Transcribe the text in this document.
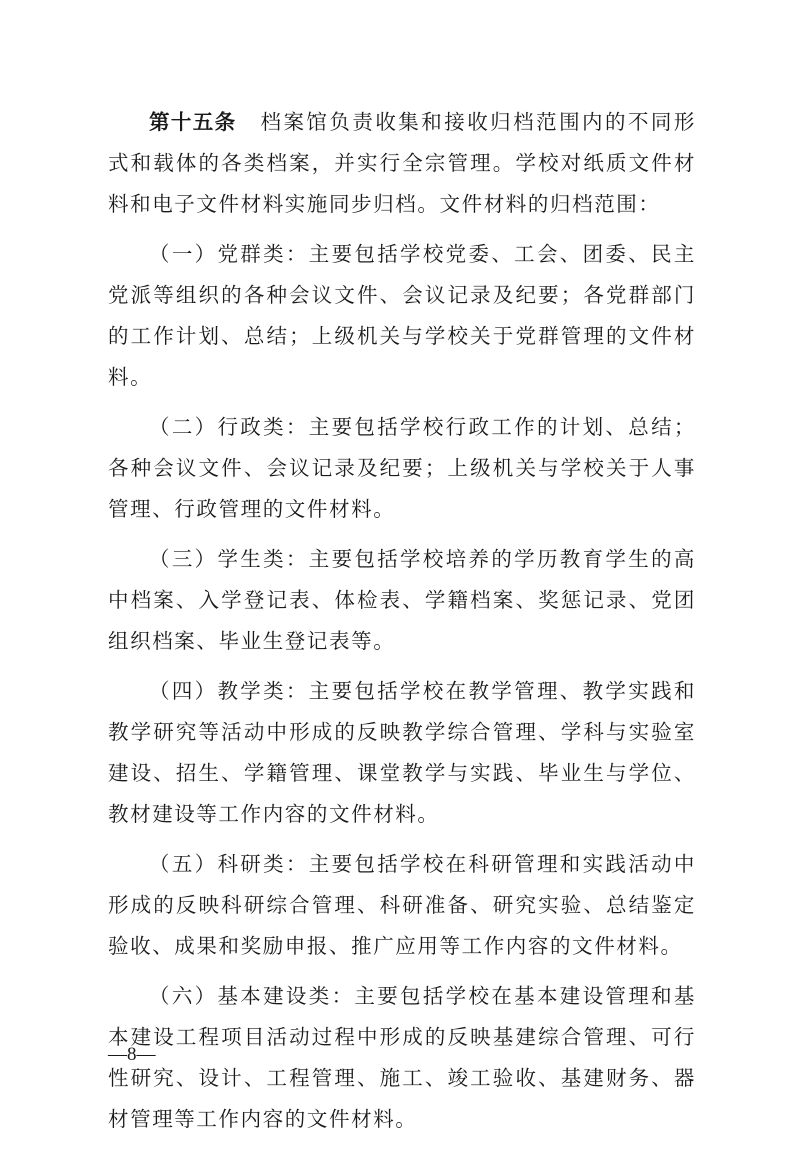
第十五条 档案馆负责收集和接收归档范围内的不同形式和载体的各类档案，并实行全宗管理。学校对纸质文件材料和电子文件材料实施同步归档。文件材料的归档范围：

（一）党群类：主要包括学校党委、工会、团委、民主党派等组织的各种会议文件、会议记录及纪要；各党群部门的工作计划、总结；上级机关与学校关于党群管理的文件材料。

（二）行政类：主要包括学校行政工作的计划、总结；各种会议文件、会议记录及纪要；上级机关与学校关于人事管理、行政管理的文件材料。

（三）学生类：主要包括学校培养的学历教育学生的高中档案、入学登记表、体检表、学籍档案、奖惩记录、党团组织档案、毕业生登记表等。

（四）教学类：主要包括学校在教学管理、教学实践和教学研究等活动中形成的反映教学综合管理、学科与实验室建设、招生、学籍管理、课堂教学与实践、毕业生与学位、教材建设等工作内容的文件材料。

（五）科研类：主要包括学校在科研管理和实践活动中形成的反映科研综合管理、科研准备、研究实验、总结鉴定验收、成果和奖励申报、推广应用等工作内容的文件材料。

（六）基本建设类：主要包括学校在基本建设管理和基本建设工程项目活动过程中形成的反映基建综合管理、可行性研究、设计、工程管理、施工、竣工验收、基建财务、器材管理等工作内容的文件材料。

—8—
